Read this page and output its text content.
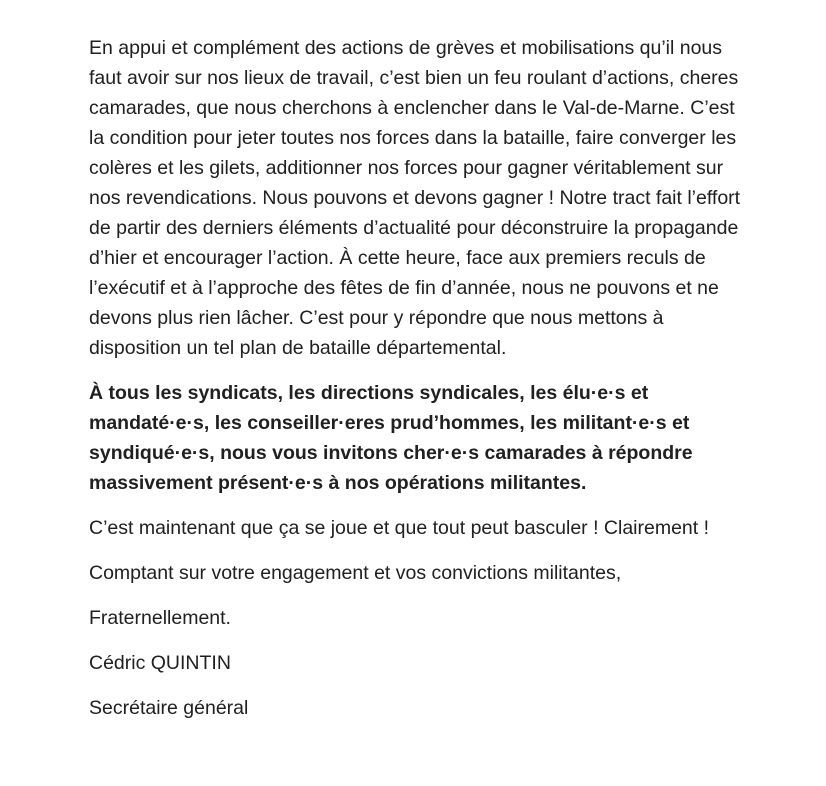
En appui et complément des actions de grèves et mobilisations qu’il nous faut avoir sur nos lieux de travail, c’est bien un feu roulant d’actions, cheres camarades, que nous cherchons à enclencher dans le Val-de-Marne. C’est la condition pour jeter toutes nos forces dans la bataille, faire converger les colères et les gilets, additionner nos forces pour gagner véritablement sur nos revendications. Nous pouvons et devons gagner ! Notre tract fait l’effort de partir des derniers éléments d’actualité pour déconstruire la propagande d’hier et encourager l’action. À cette heure, face aux premiers reculs de l’exécutif et à l’approche des fêtes de fin d’année, nous ne pouvons et ne devons plus rien lâcher. C’est pour y répondre que nous mettons à disposition un tel plan de bataille départemental.

À tous les syndicats, les directions syndicales, les élu·e·s et mandaté·e·s, les conseiller·eres prud’hommes, les militant·e·s et syndiqué·e·s, nous vous invitons cher·e·s camarades à répondre massivement présent·e·s à nos opérations militantes.

C’est maintenant que ça se joue et que tout peut basculer ! Clairement !

Comptant sur votre engagement et vos convictions militantes,

Fraternellement.

Cédric QUINTIN

Secrétaire général
